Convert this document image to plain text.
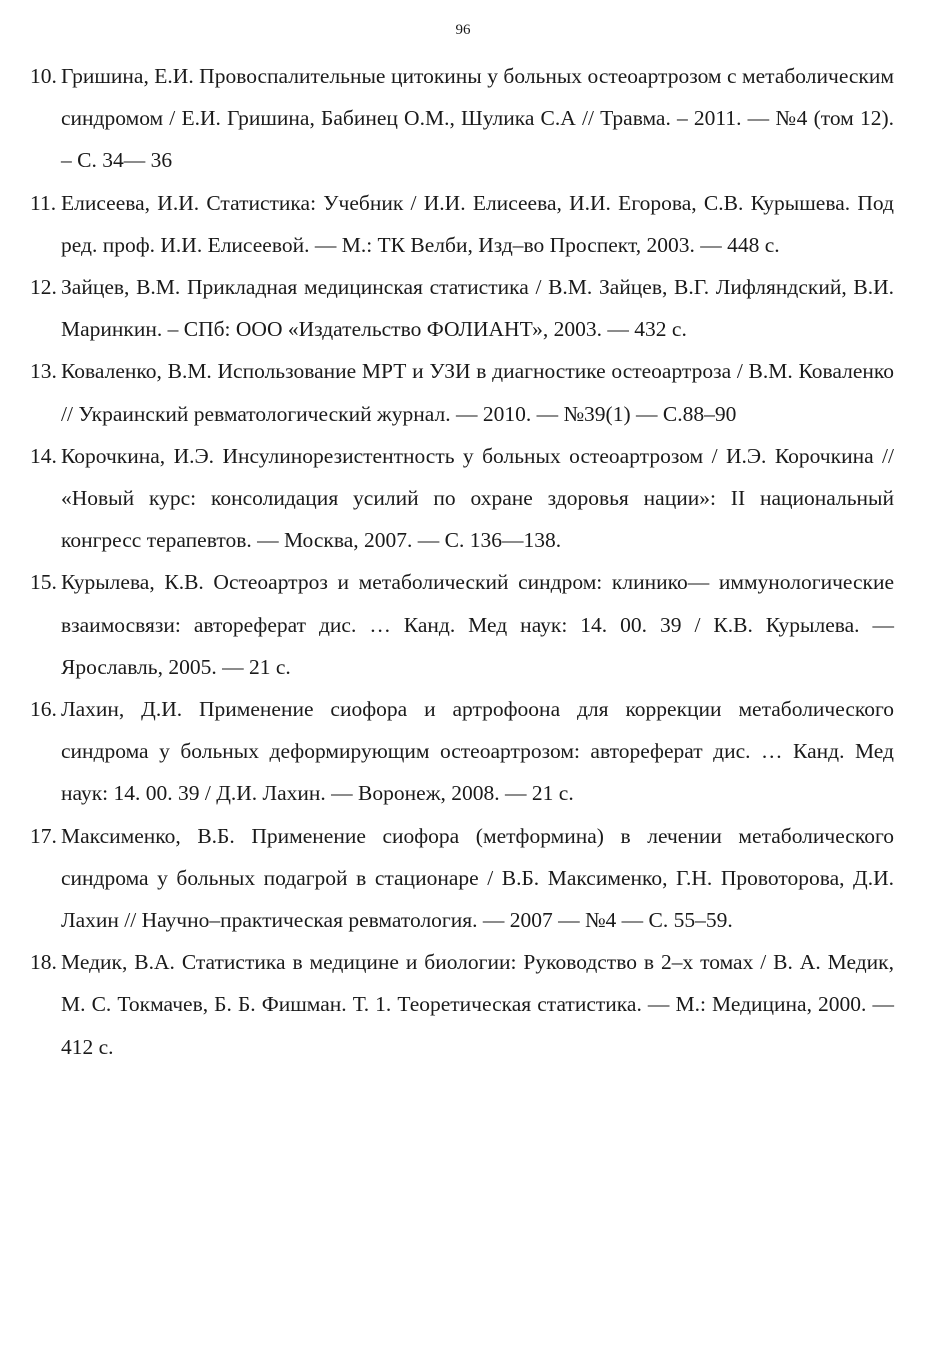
96
10. Гришина, Е.И. Провоспалительные цитокины у больных остеоартрозом с метаболическим синдромом / Е.И. Гришина, Бабинец О.М., Шулика С.А // Травма. – 2011. — №4 (том 12). – С. 34— 36
11. Елисеева, И.И. Статистика: Учебник / И.И. Елисеева, И.И. Егорова, С.В. Курышева. Под ред. проф. И.И. Елисеевой. — М.: ТК Велби, Изд–во Проспект, 2003. — 448 с.
12. Зайцев, В.М. Прикладная медицинская статистика / В.М. Зайцев, В.Г. Лифляндский, В.И. Маринкин. – СПб: ООО «Издательство ФОЛИАНТ», 2003. — 432 с.
13. Коваленко, В.М. Использование МРТ и УЗИ в диагностике остеоартроза / В.М. Коваленко // Украинский ревматологический журнал. — 2010. — №39(1) — С.88–90
14. Корочкина, И.Э. Инсулинорезистентность у больных остеоартрозом / И.Э. Корочкина // «Новый курс: консолидация усилий по охране здоровья нации»: II национальный конгресс терапевтов. — Москва, 2007. — С. 136—138.
15. Курылева, К.В. Остеоартроз и метаболический синдром: клинико— иммунологические взаимосвязи: автореферат дис. … Канд. Мед наук: 14. 00. 39 / К.В. Курылева. — Ярославль, 2005. — 21 с.
16. Лахин, Д.И. Применение сиофора и артрофоона для коррекции метаболического синдрома у больных деформирующим остеоартрозом: автореферат дис. … Канд. Мед наук: 14. 00. 39 / Д.И. Лахин. — Воронеж, 2008. — 21 с.
17. Максименко, В.Б. Применение сиофора (метформина) в лечении метаболического синдрома у больных подагрой в стационаре / В.Б. Максименко, Г.Н. Провоторова, Д.И. Лахин // Научно–практическая ревматология. — 2007 — №4 — С. 55–59.
18. Медик, В.А. Статистика в медицине и биологии: Руководство в 2–х томах / В. А. Медик, М. С. Токмачев, Б. Б. Фишман. Т. 1. Теоретическая статистика. — М.: Медицина, 2000. — 412 с.
